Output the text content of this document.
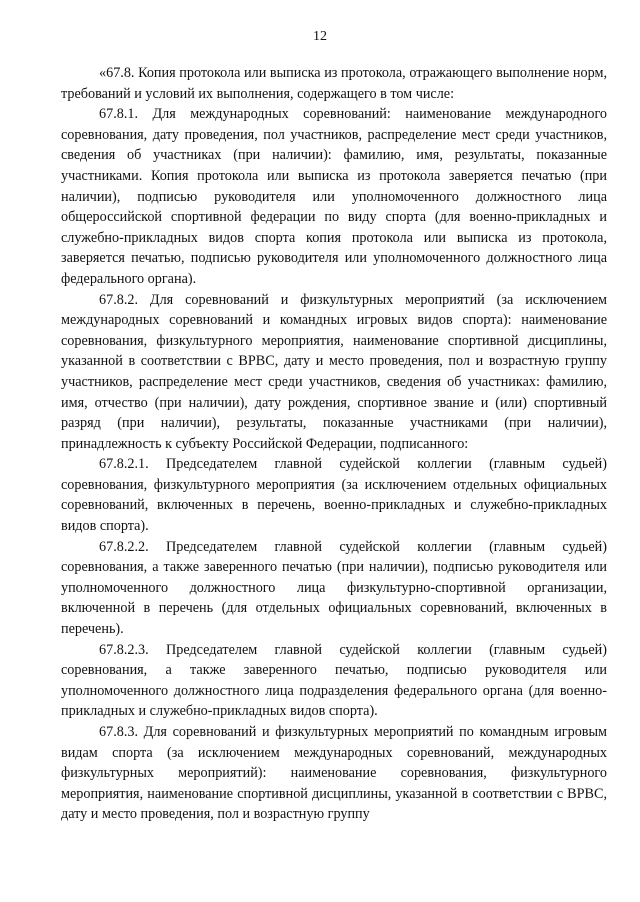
12

«67.8. Копия протокола или выписка из протокола, отражающего выполнение норм, требований и условий их выполнения, содержащего в том числе:

67.8.1. Для международных соревнований: наименование международного соревнования, дату проведения, пол участников, распределение мест среди участников, сведения об участниках (при наличии): фамилию, имя, результаты, показанные участниками. Копия протокола или выписка из протокола заверяется печатью (при наличии), подписью руководителя или уполномоченного должностного лица общероссийской спортивной федерации по виду спорта (для военно-прикладных и служебно-прикладных видов спорта копия протокола или выписка из протокола, заверяется печатью, подписью руководителя или уполномоченного должностного лица федерального органа).

67.8.2. Для соревнований и физкультурных мероприятий (за исключением международных соревнований и командных игровых видов спорта): наименование соревнования, физкультурного мероприятия, наименование спортивной дисциплины, указанной в соответствии с ВРВС, дату и место проведения, пол и возрастную группу участников, распределение мест среди участников, сведения об участниках: фамилию, имя, отчество (при наличии), дату рождения, спортивное звание и (или) спортивный разряд (при наличии), результаты, показанные участниками (при наличии), принадлежность к субъекту Российской Федерации, подписанного:

67.8.2.1. Председателем главной судейской коллегии (главным судьей) соревнования, физкультурного мероприятия (за исключением отдельных официальных соревнований, включенных в перечень, военно-прикладных и служебно-прикладных видов спорта).

67.8.2.2. Председателем главной судейской коллегии (главным судьей) соревнования, а также заверенного печатью (при наличии), подписью руководителя или уполномоченного должностного лица физкультурно-спортивной организации, включенной в перечень (для отдельных официальных соревнований, включенных в перечень).

67.8.2.3. Председателем главной судейской коллегии (главным судьей) соревнования, а также заверенного печатью, подписью руководителя или уполномоченного должностного лица подразделения федерального органа (для военно-прикладных и служебно-прикладных видов спорта).

67.8.3. Для соревнований и физкультурных мероприятий по командным игровым видам спорта (за исключением международных соревнований, международных физкультурных мероприятий): наименование соревнования, физкультурного мероприятия, наименование спортивной дисциплины, указанной в соответствии с ВРВС, дату и место проведения, пол и возрастную группу
